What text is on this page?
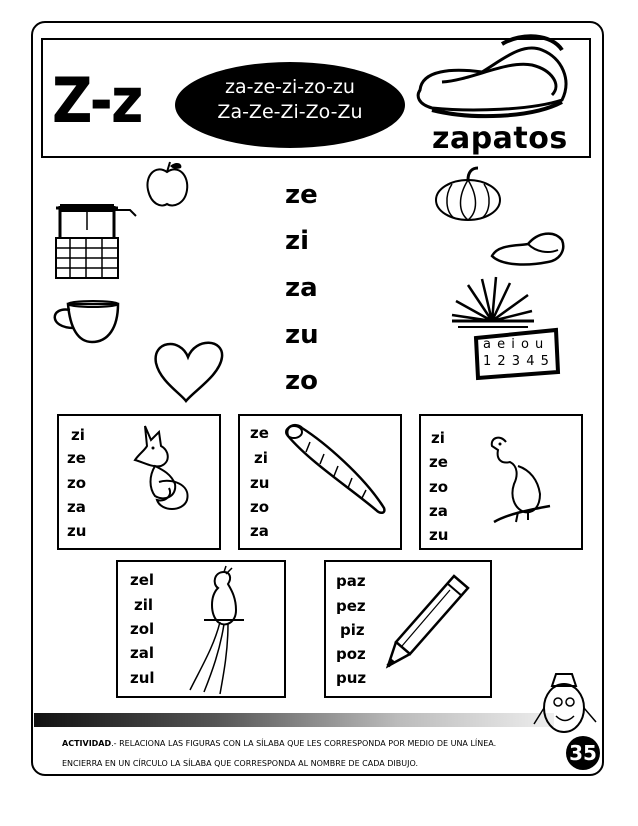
Z-z	za-ze-zi-zo-zu
Za-Ze-Zi-Zo-Zu
zapatos
ze
zi
za
zu
zo
a e i o u
1 2 3 4 5
zi
ze
zo
za
zu
ze
zi
zu
zo
za
zi
ze
zo
za
zu
zel
zil
zol
zal
zul
paz
pez
piz
poz
puz
ACTIVIDAD.- RELACIONA LAS FIGURAS CON LA SÍLABA QUE LES CORRESPONDA POR MEDIO DE UNA LÍNEA.
ENCIERRA EN UN CÍRCULO LA SÍLABA QUE CORRESPONDA AL NOMBRE DE CADA DIBUJO.	35
